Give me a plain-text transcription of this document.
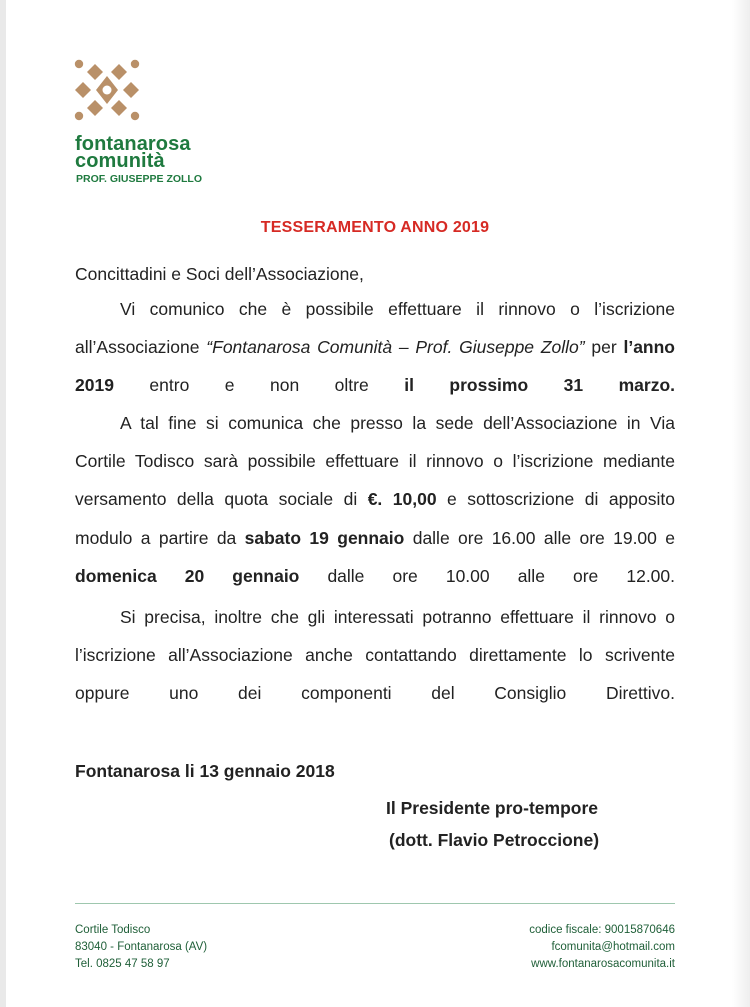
fontanarosa
comunità
PROF. GIUSEPPE ZOLLO
TESSERAMENTO ANNO 2019
Concittadini e Soci dell’Associazione,
Vi comunico che è possibile effettuare il rinnovo o l’iscrizione all’Associazione “Fontanarosa Comunità – Prof. Giuseppe Zollo” per l’anno 2019 entro e non oltre il prossimo 31 marzo.
A tal fine si comunica che presso la sede dell’Associazione in Via Cortile Todisco sarà possibile effettuare il rinnovo o l’iscrizione mediante versamento della quota sociale di €. 10,00 e sottoscrizione di apposito modulo a partire da sabato 19 gennaio dalle ore 16.00 alle ore 19.00 e domenica 20 gennaio dalle ore 10.00 alle ore 12.00.
Si precisa, inoltre che gli interessati potranno effettuare il rinnovo o l’iscrizione all’Associazione anche contattando direttamente lo scrivente oppure uno dei componenti del Consiglio Direttivo.
Fontanarosa li 13 gennaio 2018
Il Presidente pro-tempore
(dott. Flavio Petroccione)
Cortile Todisco
83040 - Fontanarosa (AV)
Tel. 0825 47 58 97
codice fiscale: 90015870646
fcomunita@hotmail.com
www.fontanarosacomunita.it
